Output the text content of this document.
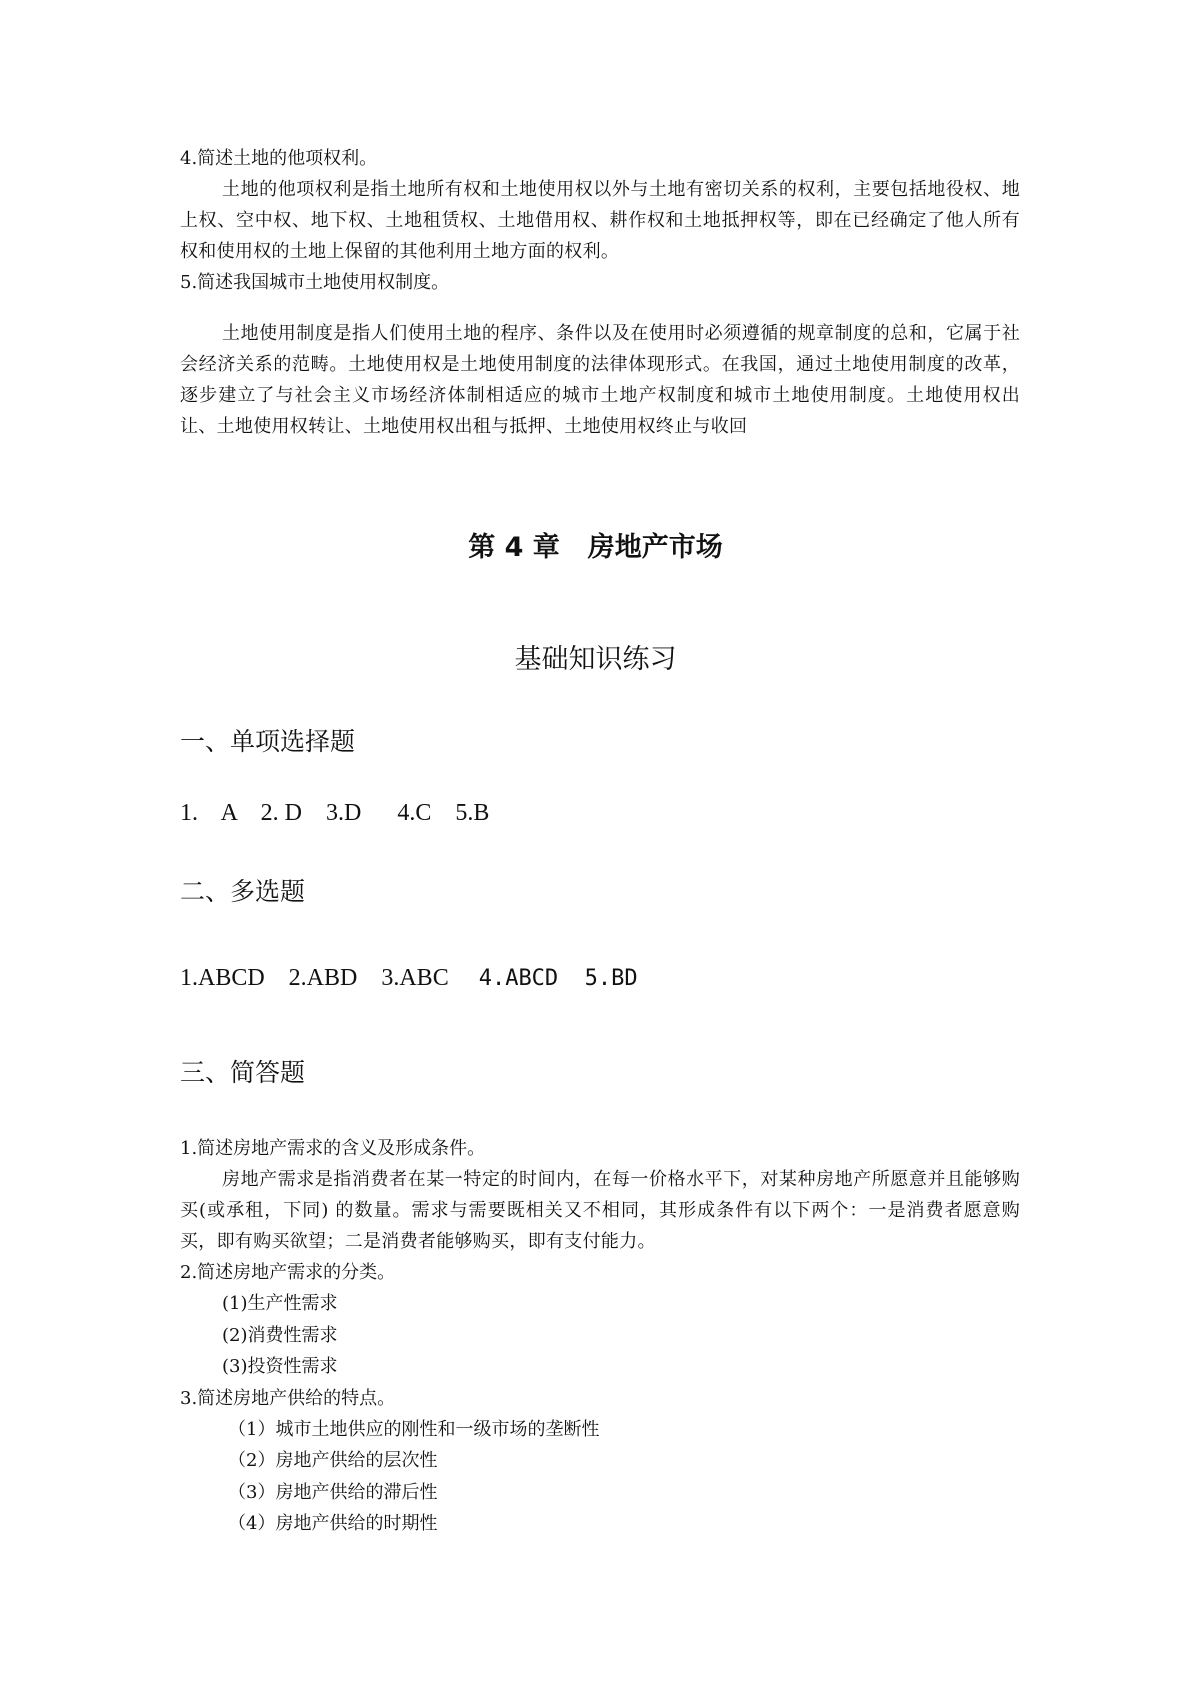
4.简述土地的他项权利。

土地的他项权利是指土地所有权和土地使用权以外与土地有密切关系的权利，主要包括地役权、地上权、空中权、地下权、土地租赁权、土地借用权、耕作权和土地抵押权等，即在已经确定了他人所有权和使用权的土地上保留的其他利用土地方面的权利。

5.简述我国城市土地使用权制度。

土地使用制度是指人们使用土地的程序、条件以及在使用时必须遵循的规章制度的总和，它属于社会经济关系的范畴。土地使用权是土地使用制度的法律体现形式。在我国，通过土地使用制度的改革，逐步建立了与社会主义市场经济体制相适应的城市土地产权制度和城市土地使用制度。土地使用权出让、土地使用权转让、土地使用权出租与抵押、土地使用权终止与收回

第 4 章 房地产市场
基础知识练习

一、单项选择题

1.    A    2. D    3.D      4.C    5.B

二、多选题

1.ABCD    2.ABD    3.ABC     4.ABCD  5.BD

三、简答题

1.简述房地产需求的含义及形成条件。

房地产需求是指消费者在某一特定的时间内，在每一价格水平下，对某种房地产所愿意并且能够购买(或承租，下同) 的数量。需求与需要既相关又不相同，其形成条件有以下两个：一是消费者愿意购买，即有购买欲望；二是消费者能够购买，即有支付能力。

2.简述房地产需求的分类。

(1)生产性需求

(2)消费性需求

(3)投资性需求

3.简述房地产供给的特点。

（1）城市土地供应的刚性和一级市场的垄断性

（2）房地产供给的层次性

（3）房地产供给的滞后性

（4）房地产供给的时期性
